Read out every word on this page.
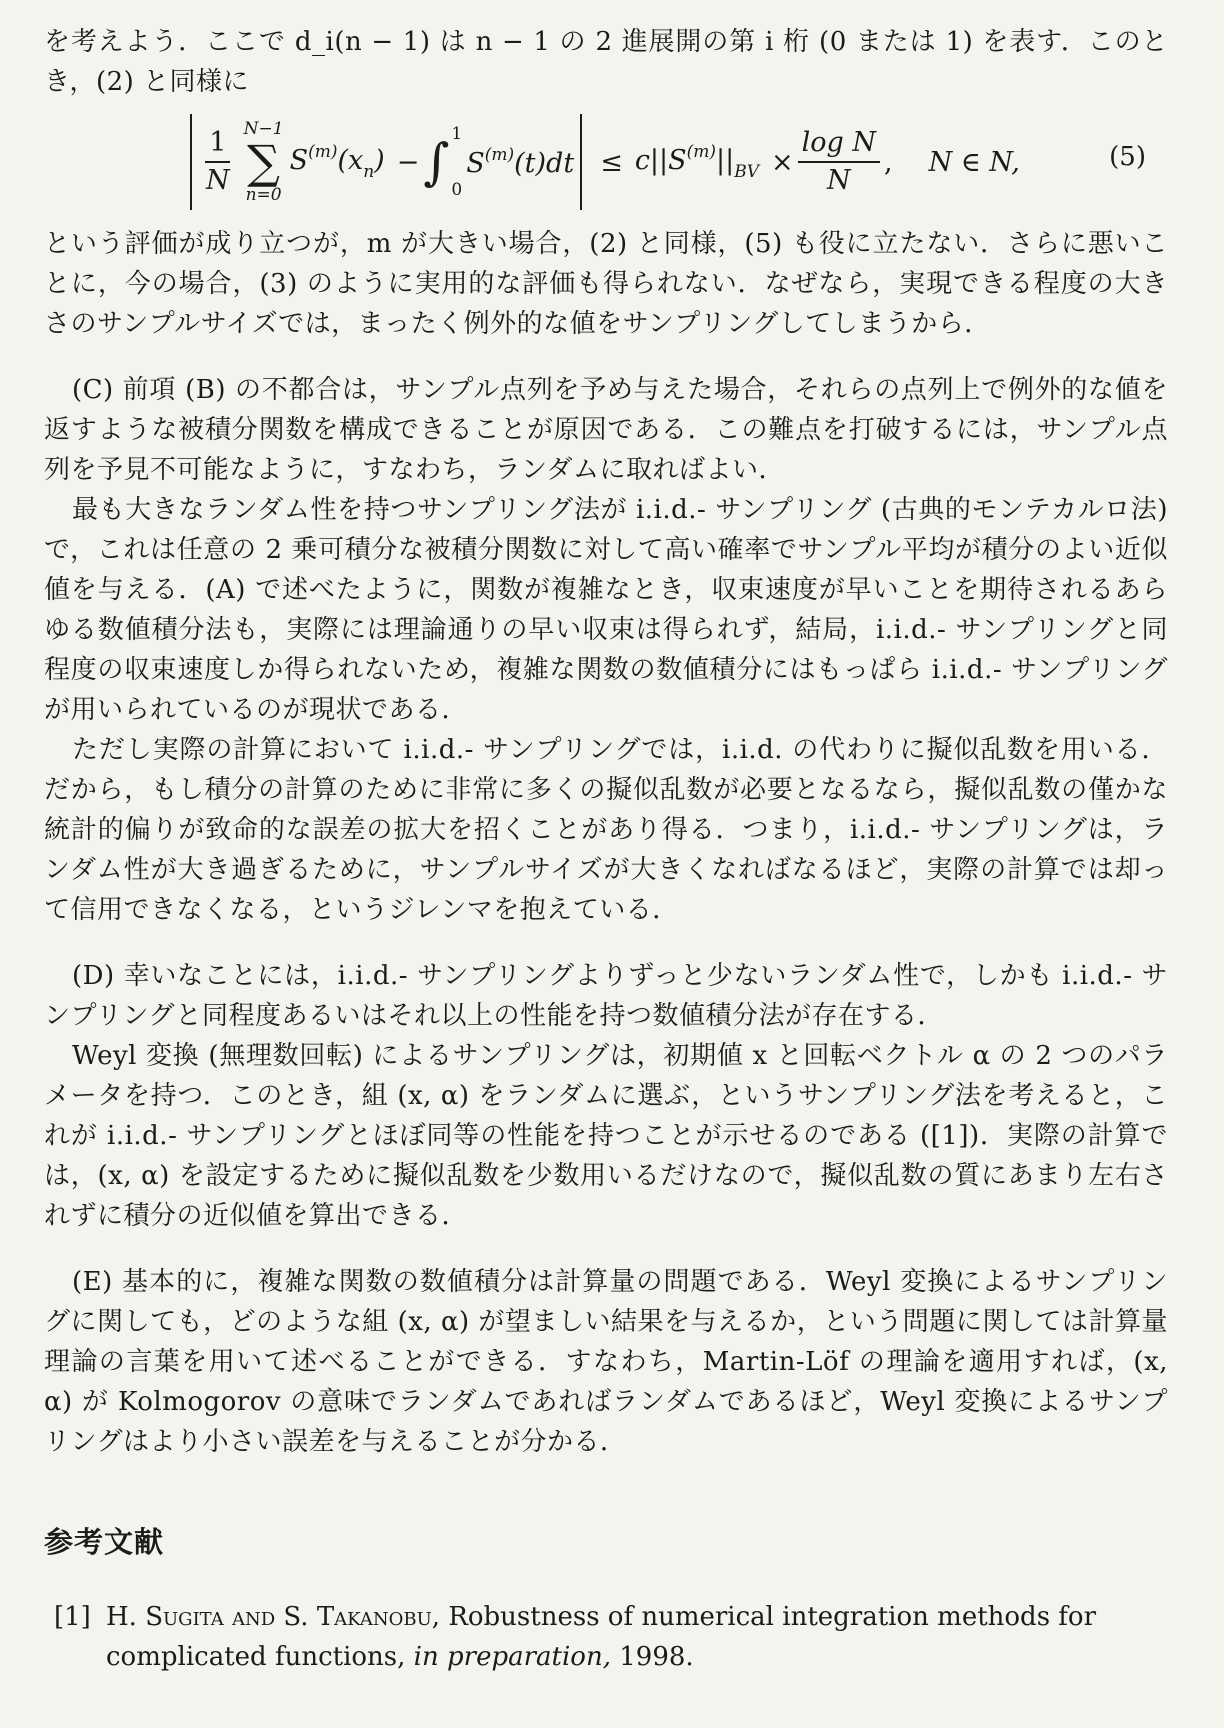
を考えよう．ここで d_i(n − 1) は n − 1 の 2 進展開の第 i 桁 (0 または 1) を表す．このとき，(2) と同様に

$\frac{1}{N} N-1$
∑
n=0
$S^{(m)}(x_n)$ − ∫ 1
0
$S^{(m)}(t)dt \le c||S^{(m)}||_{BV} \times \frac{\text{log N}}{N}$ , N ∈ N,	(5)

という評価が成り立つが，m が大きい場合，(2) と同様，(5) も役に立たない．さらに悪いことに，今の場合，(3) のように実用的な評価も得られない．なぜなら，実現できる程度の大きさのサンプルサイズでは，まったく例外的な値をサンプリングしてしまうから．

(C) 前項 (B) の不都合は，サンプル点列を予め与えた場合，それらの点列上で例外的な値を返すような被積分関数を構成できることが原因である．この難点を打破するには，サンプル点列を予見不可能なように，すなわち，ランダムに取ればよい．

最も大きなランダム性を持つサンプリング法が i.i.d.- サンプリング (古典的モンテカルロ法) で，これは任意の 2 乗可積分な被積分関数に対して高い確率でサンプル平均が積分のよい近似値を与える．(A) で述べたように，関数が複雑なとき，収束速度が早いことを期待されるあらゆる数値積分法も，実際には理論通りの早い収束は得られず，結局，i.i.d.- サンプリングと同程度の収束速度しか得られないため，複雑な関数の数値積分にはもっぱら i.i.d.- サンプリングが用いられているのが現状である．

ただし実際の計算において i.i.d.- サンプリングでは，i.i.d. の代わりに擬似乱数を用いる．だから，もし積分の計算のために非常に多くの擬似乱数が必要となるなら，擬似乱数の僅かな統計的偏りが致命的な誤差の拡大を招くことがあり得る．つまり，i.i.d.- サンプリングは，ランダム性が大き過ぎるために，サンプルサイズが大きくなればなるほど，実際の計算では却って信用できなくなる，というジレンマを抱えている．

(D) 幸いなことには，i.i.d.- サンプリングよりずっと少ないランダム性で，しかも i.i.d.- サンプリングと同程度あるいはそれ以上の性能を持つ数値積分法が存在する．

Weyl 変換 (無理数回転) によるサンプリングは，初期値 x と回転ベクトル α の 2 つのパラメータを持つ．このとき，組 (x, α) をランダムに選ぶ，というサンプリング法を考えると，これが i.i.d.- サンプリングとほぼ同等の性能を持つことが示せるのである ([1])．実際の計算では，(x, α) を設定するために擬似乱数を少数用いるだけなので，擬似乱数の質にあまり左右されずに積分の近似値を算出できる．

(E) 基本的に，複雑な関数の数値積分は計算量の問題である．Weyl 変換によるサンプリングに関しても，どのような組 (x, α) が望ましい結果を与えるか，という問題に関しては計算量理論の言葉を用いて述べることができる．すなわち，Martin-Löf の理論を適用すれば，(x, α) が Kolmogorov の意味でランダムであればランダムであるほど，Weyl 変換によるサンプリングはより小さい誤差を与えることが分かる．

参考文献
[1] H. Sugita and S. Takanobu, Robustness of numerical integration methods for complicated functions, in preparation, 1998.
